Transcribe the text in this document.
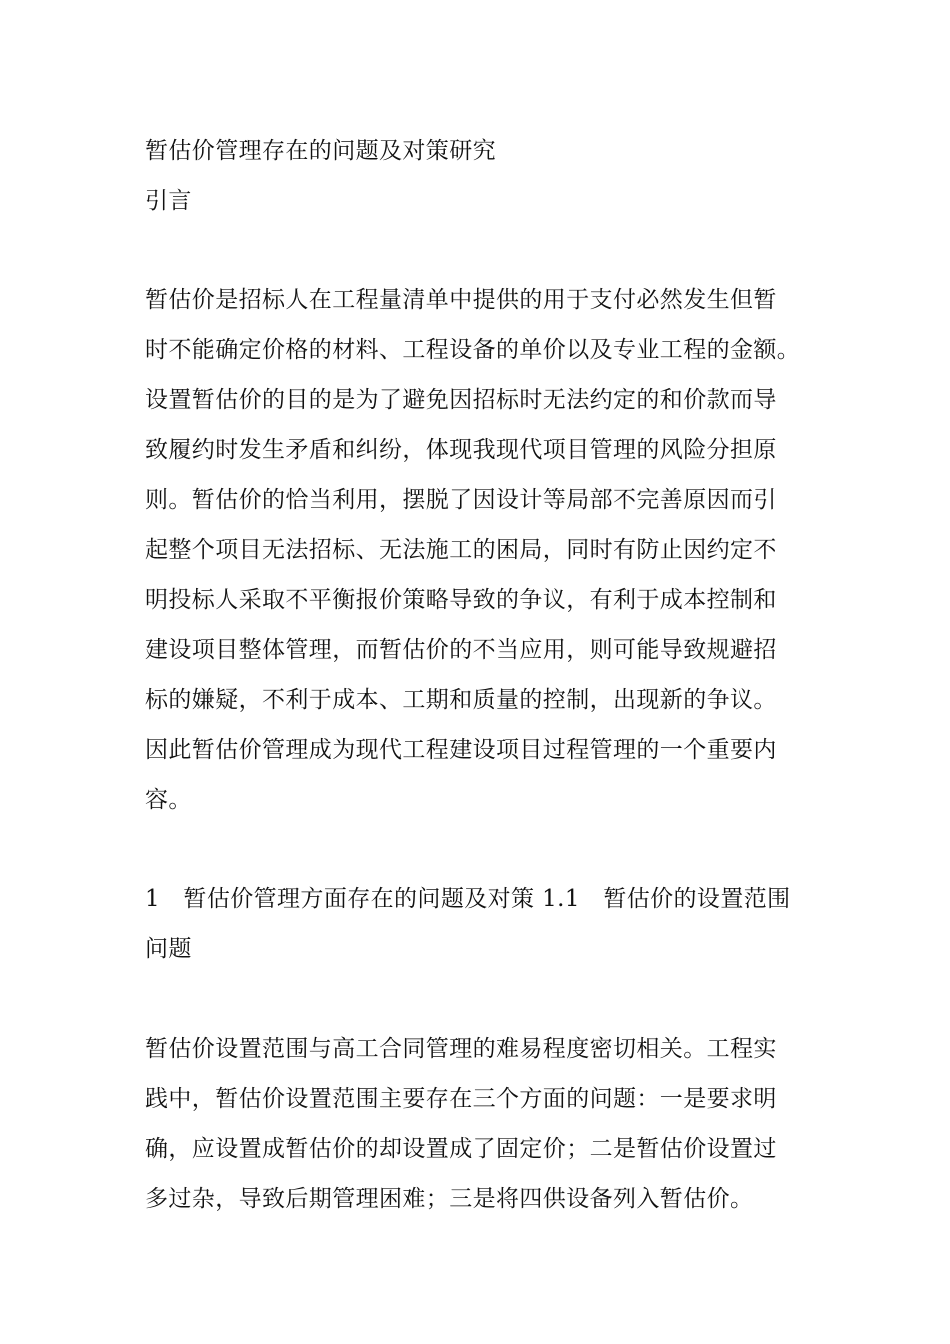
暂估价管理存在的问题及对策研究
引言
暂估价是招标人在工程量清单中提供的用于支付必然发生但暂
时不能确定价格的材料、工程设备的单价以及专业工程的金额。
设置暂估价的目的是为了避免因招标时无法约定的和价款而导
致履约时发生矛盾和纠纷，体现我现代项目管理的风险分担原
则。暂估价的恰当利用，摆脱了因设计等局部不完善原因而引
起整个项目无法招标、无法施工的困局，同时有防止因约定不
明投标人采取不平衡报价策略导致的争议，有利于成本控制和
建设项目整体管理，而暂估价的不当应用，则可能导致规避招
标的嫌疑，不利于成本、工期和质量的控制，出现新的争议。
因此暂估价管理成为现代工程建设项目过程管理的一个重要内
容。
1　暂估价管理方面存在的问题及对策 1.1　暂估价的设置范围
问题
暂估价设置范围与高工合同管理的难易程度密切相关。工程实
践中，暂估价设置范围主要存在三个方面的问题：一是要求明
确，应设置成暂估价的却设置成了固定价；二是暂估价设置过
多过杂，导致后期管理困难；三是将四供设备列入暂估价。
